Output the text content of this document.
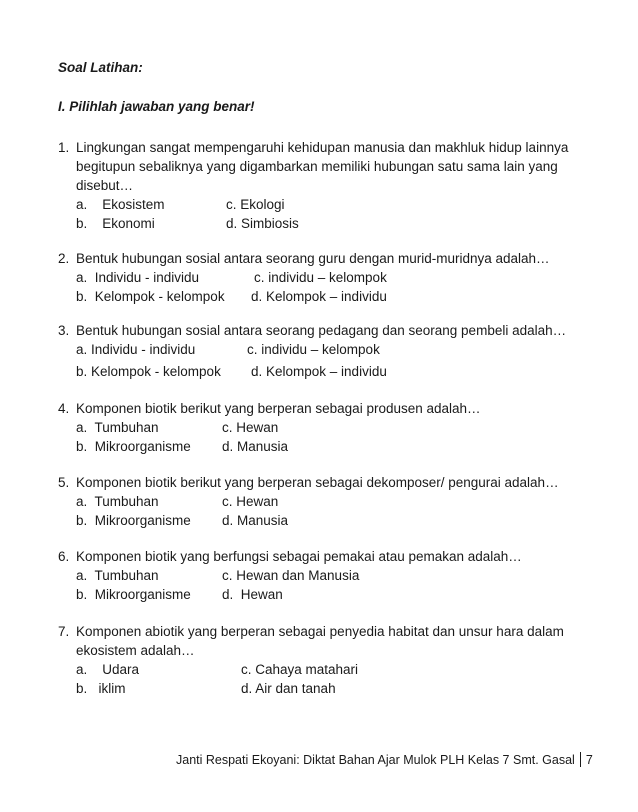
Soal Latihan:
I. Pilihlah jawaban yang benar!
1. Lingkungan sangat mempengaruhi kehidupan manusia dan makhluk hidup lainnya
begitupun sebaliknya yang digambarkan memiliki hubungan satu sama lain yang
disebut…
a.    Ekosistem	c. Ekologi
b.    Ekonomi	d. Simbiosis
2. Bentuk hubungan sosial antara seorang guru dengan murid-muridnya adalah…
a.  Individu - individu	c. individu – kelompok
b.  Kelompok - kelompok d. Kelompok – individu
3. Bentuk hubungan sosial antara seorang pedagang dan seorang pembeli adalah…
a. Individu - individu	c. individu – kelompok
b. Kelompok - kelompok d. Kelompok – individu
4. Komponen biotik berikut yang berperan sebagai produsen adalah…
a.  Tumbuhan	c. Hewan
b.  Mikroorganisme d. Manusia
5. Komponen biotik berikut yang berperan sebagai dekomposer/ pengurai adalah…
a.  Tumbuhan	c. Hewan
b.  Mikroorganisme d. Manusia
6. Komponen biotik yang berfungsi sebagai pemakai atau pemakan adalah…
a.  Tumbuhan	c. Hewan dan Manusia
b.  Mikroorganisme d.  Hewan
7. Komponen abiotik yang berperan sebagai penyedia habitat dan unsur hara dalam
ekosistem adalah…
a.    Udara	c. Cahaya matahari
b.   iklim	d. Air dan tanah
Janti Respati Ekoyani: Diktat Bahan Ajar Mulok PLH Kelas 7 Smt. Gasal 7
